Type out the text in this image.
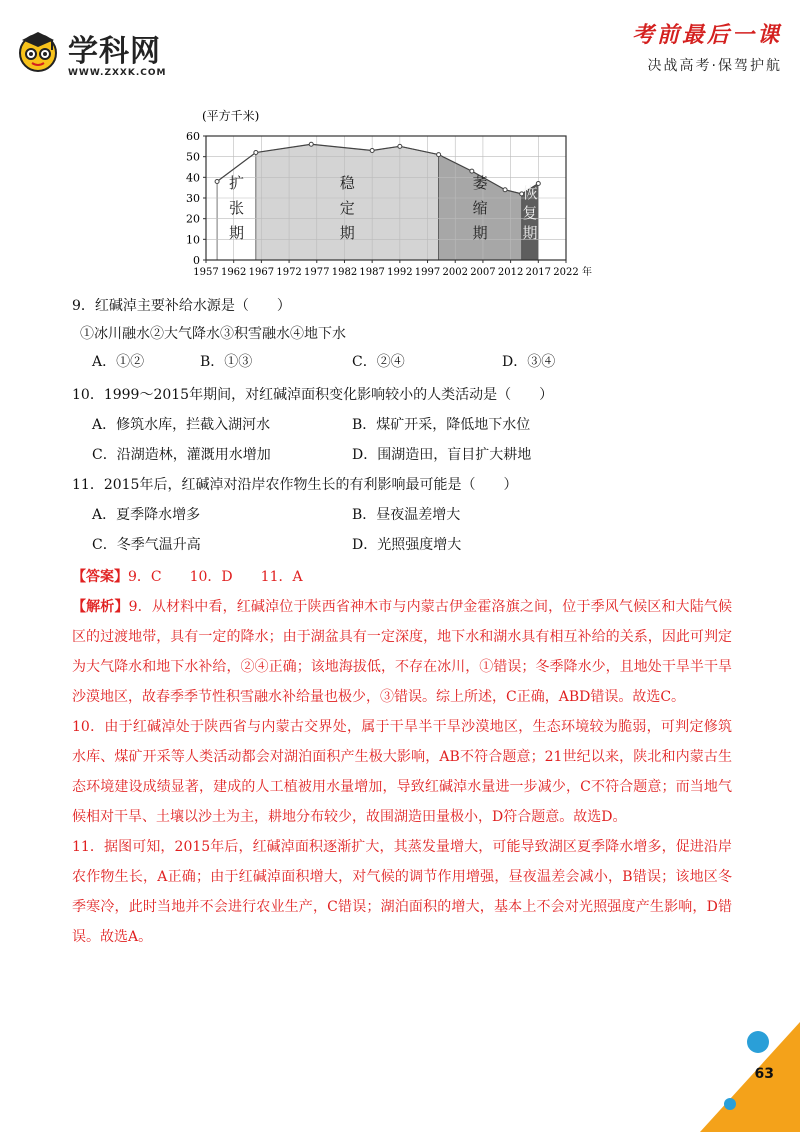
学科网
WWW.ZXXK.COM
考前最后一课
决战高考·保驾护航
0
10
20
30
40
50
60
1957 1962 1967 1972 1977 1982 1987 1992 1997 2002 2007 2012 2017 2022 年
扩张期
稳定期
萎缩期
恢复期
(平方千米)

9．红碱淖主要补给水源是（　　）

①冰川融水②大气降水③积雪融水④地下水

A．①②	B．①③	C．②④	D．③④

10．1999～2015年期间，对红碱淖面积变化影响较小的人类活动是（　　）

A．修筑水库，拦截入湖河水	B．煤矿开采，降低地下水位
C．沿湖造林，灌溉用水增加	D．围湖造田，盲目扩大耕地

11．2015年后，红碱淖对沿岸农作物生长的有利影响最可能是（　　）

A．夏季降水增多	B．昼夜温差增大
C．冬季气温升高	D．光照强度增大

【答案】9．C　　10．D　　11．A

【解析】9．从材料中看，红碱淖位于陕西省神木市与内蒙古伊金霍洛旗之间，位于季风气候区和大陆气候区的过渡地带，具有一定的降水；由于湖盆具有一定深度，地下水和湖水具有相互补给的关系，因此可判定为大气降水和地下水补给，②④正确；该地海拔低，不存在冰川，①错误；冬季降水少，且地处干旱半干旱沙漠地区，故春季季节性积雪融水补给量也极少，③错误。综上所述，C正确，ABD错误。故选C。

10．由于红碱淖处于陕西省与内蒙古交界处，属于干旱半干旱沙漠地区，生态环境较为脆弱，可判定修筑水库、煤矿开采等人类活动都会对湖泊面积产生极大影响，AB不符合题意；21世纪以来，陕北和内蒙古生态环境建设成绩显著，建成的人工植被用水量增加，导致红碱淖水量进一步减少，C不符合题意；而当地气候相对干旱、土壤以沙土为主，耕地分布较少，故围湖造田量极小，D符合题意。故选D。

11．据图可知，2015年后，红碱淖面积逐渐扩大，其蒸发量增大，可能导致湖区夏季降水增多，促进沿岸农作物生长，A正确；由于红碱淖面积增大，对气候的调节作用增强，昼夜温差会减小，B错误；该地区冬季寒冷，此时当地并不会进行农业生产，C错误；湖泊面积的增大，基本上不会对光照强度产生影响，D错误。故选A。

63
